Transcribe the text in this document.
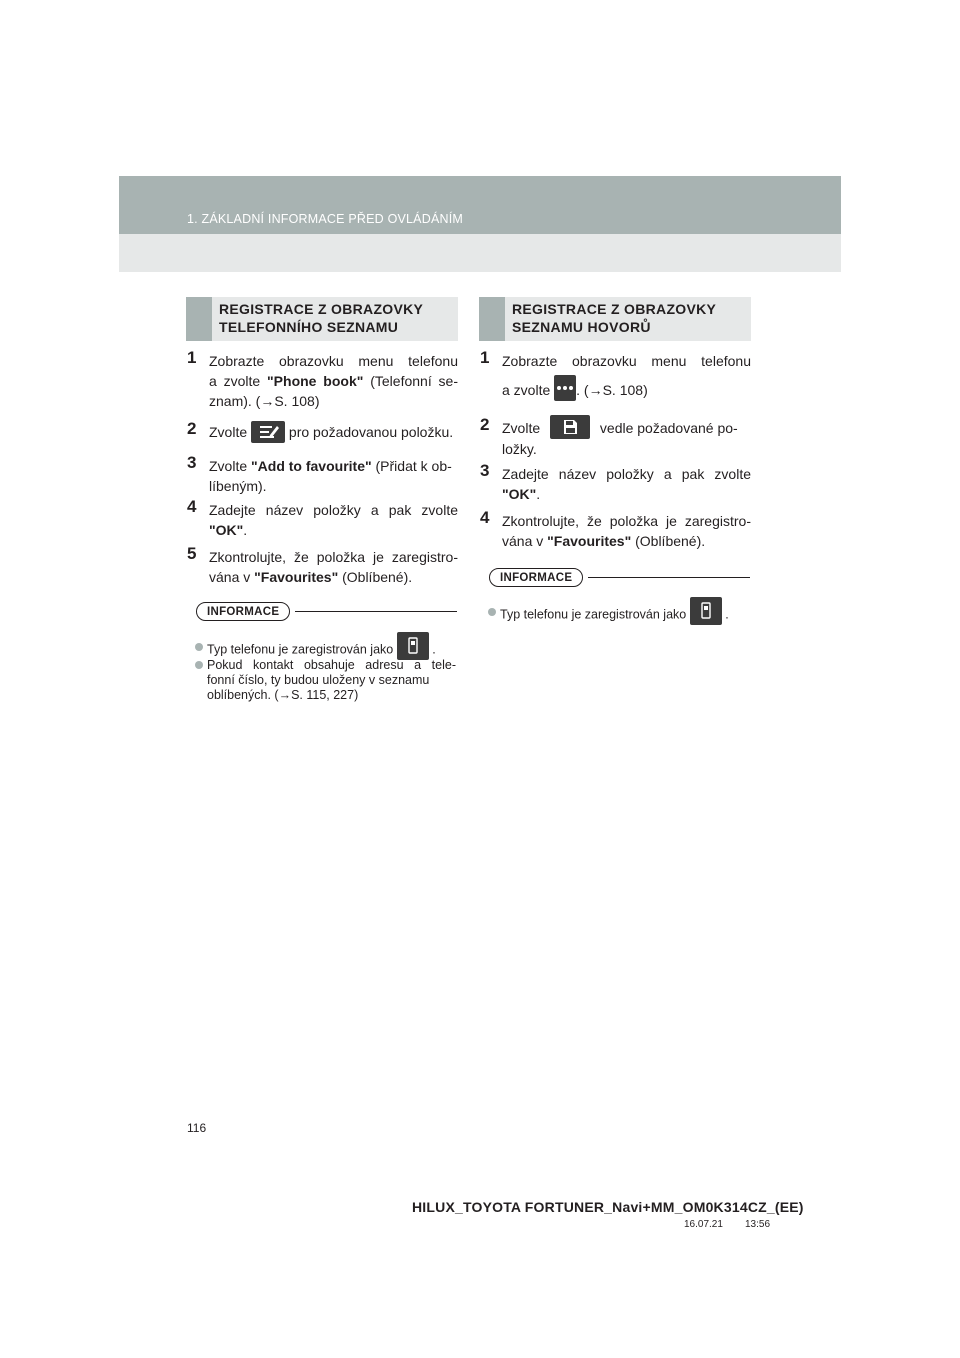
1. ZÁKLADNÍ INFORMACE PŘED OVLÁDÁNÍM
REGISTRACE Z OBRAZOVKY
TELEFONNÍHO SEZNAMU
1 Zobrazte obrazovku menu telefonu
a zvolte "Phone book" (Telefonní se-
znam). (→S. 108)
2 Zvolte	pro požadovanou položku.
3 Zvolte "Add to favourite" (Přidat k ob-
líbeným).
4 Zadejte název položky a pak zvolte
"OK".
5 Zkontrolujte, že položka je zaregistro-
vána v "Favourites" (Oblíbené).
INFORMACE
Typ telefonu je zaregistrován jako	.
Pokud kontakt obsahuje adresu a tele-
fonní číslo, ty budou uloženy v seznamu
oblíbených. (→S. 115, 227)
REGISTRACE Z OBRAZOVKY
SEZNAMU HOVORŮ
1 Zobrazte obrazovku menu telefonu
a zvolte . (→S. 108)
2 Zvolte	vedle požadované po-
ložky.
3 Zadejte název položky a pak zvolte
"OK".
4 Zkontrolujte, že položka je zaregistro-
vána v "Favourites" (Oblíbené).
INFORMACE
Typ telefonu je zaregistrován jako	.
116
HILUX_TOYOTA FORTUNER_Navi+MM_OM0K314CZ_(EE)
16.07.21 13:56
